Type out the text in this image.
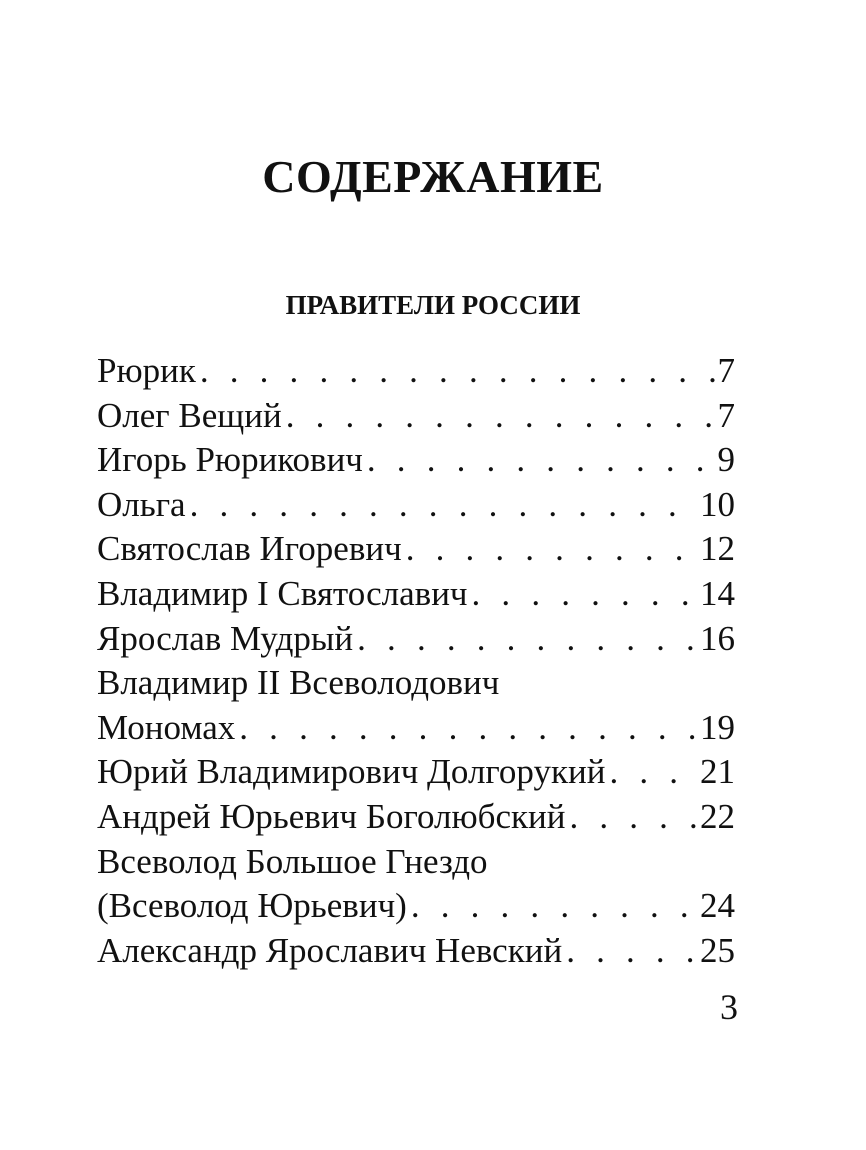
СОДЕРЖАНИЕ
ПРАВИТЕЛИ РОССИИ
Рюрик . . .	7
Олег Вещий . . .	7
Игорь Рюрикович . . .	9
Ольга . . .	10
Святослав Игоревич . . .	12
Владимир I Святославич . . .	14
Ярослав Мудрый . . .	16
Владимир II Всеволодович
Мономах . . .	19
Юрий Владимирович Долгорукий . . .	21
Андрей Юрьевич Боголюбский . . .	22
Всеволод Большое Гнездо
(Всеволод Юрьевич) . . .	24
Александр Ярославич Невский . . .	25
3
